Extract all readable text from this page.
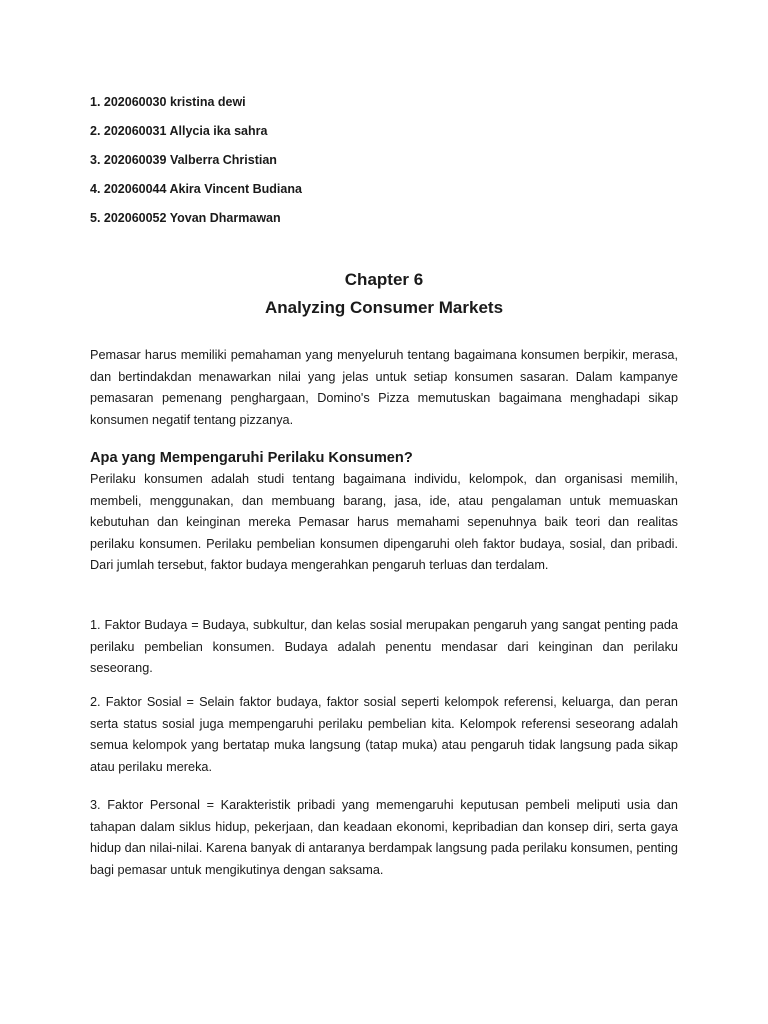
1. 202060030 kristina dewi
2. 202060031 Allycia ika sahra
3. 202060039 Valberra Christian
4. 202060044 Akira Vincent Budiana
5. 202060052 Yovan Dharmawan
Chapter 6
Analyzing Consumer Markets

Pemasar harus memiliki pemahaman yang menyeluruh tentang bagaimana konsumen berpikir, merasa, dan bertindakdan menawarkan nilai yang jelas untuk setiap konsumen sasaran. Dalam kampanye pemasaran pemenang penghargaan, Domino's Pizza memutuskan bagaimana menghadapi sikap konsumen negatif tentang pizzanya.

Apa yang Mempengaruhi Perilaku Konsumen?

Perilaku konsumen adalah studi tentang bagaimana individu, kelompok, dan organisasi memilih, membeli, menggunakan, dan membuang barang, jasa, ide, atau pengalaman untuk memuaskan kebutuhan dan keinginan mereka Pemasar harus memahami sepenuhnya baik teori dan realitas perilaku konsumen. Perilaku pembelian konsumen dipengaruhi oleh faktor budaya, sosial, dan pribadi. Dari jumlah tersebut, faktor budaya mengerahkan pengaruh terluas dan terdalam.

1. Faktor Budaya = Budaya, subkultur, dan kelas sosial merupakan pengaruh yang sangat penting pada perilaku pembelian konsumen. Budaya adalah penentu mendasar dari keinginan dan perilaku seseorang.

2. Faktor Sosial = Selain faktor budaya, faktor sosial seperti kelompok referensi, keluarga, dan peran serta status sosial juga mempengaruhi perilaku pembelian kita. Kelompok referensi seseorang adalah semua kelompok yang bertatap muka langsung (tatap muka) atau pengaruh tidak langsung pada sikap atau perilaku mereka.

3. Faktor Personal = Karakteristik pribadi yang memengaruhi keputusan pembeli meliputi usia dan tahapan dalam siklus hidup, pekerjaan, dan keadaan ekonomi, kepribadian dan konsep diri, serta gaya hidup dan nilai-nilai. Karena banyak di antaranya berdampak langsung pada perilaku konsumen, penting bagi pemasar untuk mengikutinya dengan saksama.
